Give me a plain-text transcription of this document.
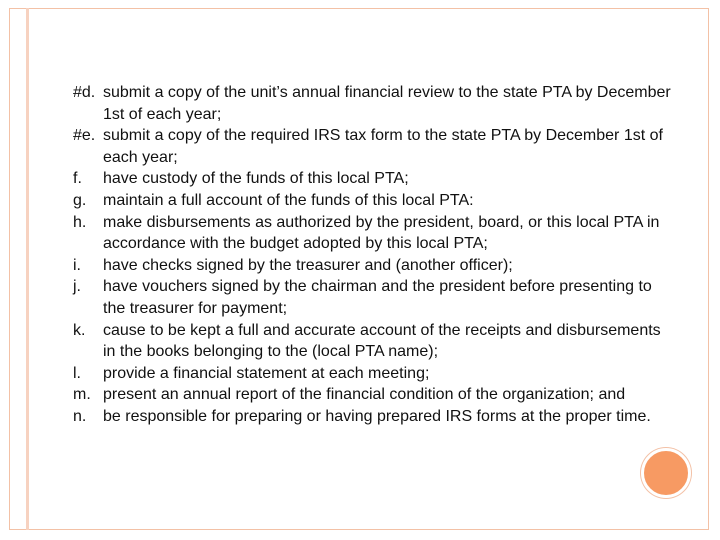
#d. submit a copy of the unit’s annual financial review to the state PTA by December 1st of each year;

#e. submit a copy of the required IRS tax form to the state PTA by December 1st of each year;

f. have custody of the funds of this local PTA;

g. maintain a full account of the funds of this local PTA:

h. make disbursements as authorized by the president, board, or this local PTA in accordance with the budget adopted by this local PTA;

i. have checks signed by the treasurer and (another officer);

j. have vouchers signed by the chairman and the president before presenting to the treasurer for payment;

k. cause to be kept a full and accurate account of the receipts and disbursements in the books belonging to the (local PTA name);

l. provide a financial statement at each meeting;

m. present an annual report of the financial condition of the organization; and

n. be responsible for preparing or having prepared IRS forms at the proper time.
